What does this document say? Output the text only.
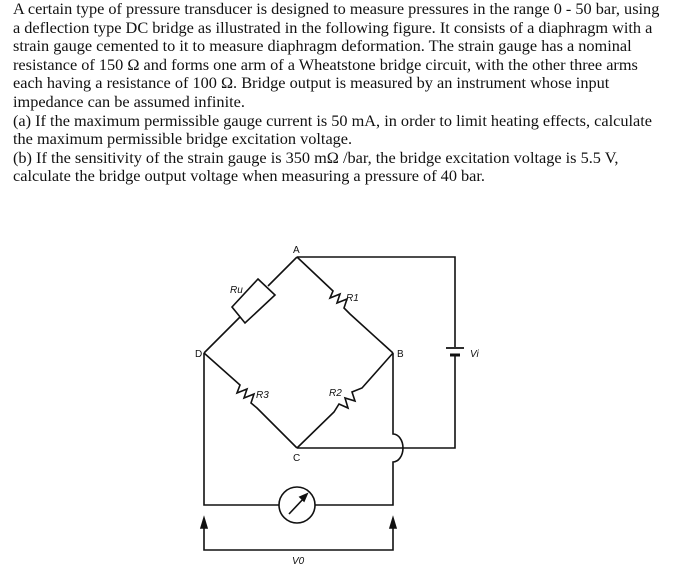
A certain type of pressure transducer is designed to measure pressures in the range 0 - 50 bar, using a deflection type DC bridge as illustrated in the following figure. It consists of a diaphragm with a strain gauge cemented to it to measure diaphragm deformation. The strain gauge has a nominal resistance of 150 Ω and forms one arm of a Wheatstone bridge circuit, with the other three arms each having a resistance of 100 Ω. Bridge output is measured by an instrument whose input impedance can be assumed infinite.

(a) If the maximum permissible gauge current is 50 mA, in order to limit heating effects, calculate the maximum permissible bridge excitation voltage.

(b) If the sensitivity of the strain gauge is 350 mΩ /bar, the bridge excitation voltage is 5.5 V, calculate the bridge output voltage when measuring a pressure of 40 bar.

A
D	B
C
Ru
R1
R3	R2
Vi
V0
